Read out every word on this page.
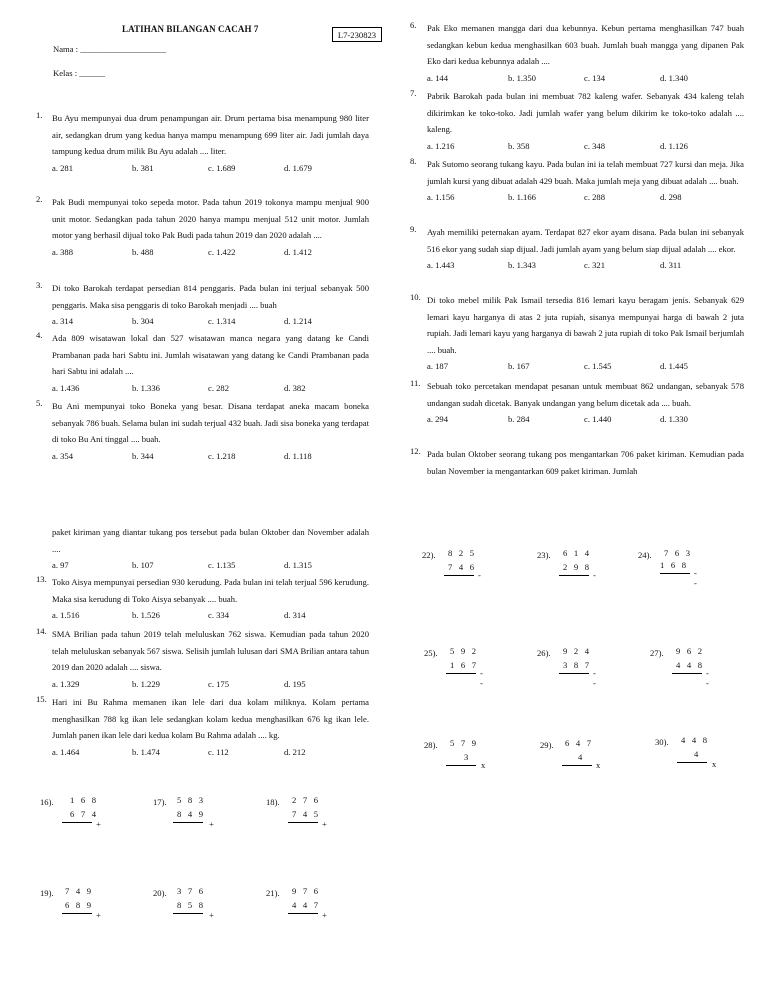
LATIHAN BILANGAN CACAH 7
L7-230823
Nama : ____________________
Kelas : ______
1. Bu Ayu mempunyai dua drum penampungan air. Drum pertama bisa menampung 980 liter air, sedangkan drum yang kedua hanya mampu menampung 699 liter air. Jadi jumlah daya tampung kedua drum milik Bu Ayu adalah .... liter.
a. 281	b. 381	c. 1.689	d. 1.679
2. Pak Budi mempunyai toko sepeda motor. Pada tahun 2019 tokonya mampu menjual 900 unit motor. Sedangkan pada tahun 2020 hanya mampu menjual 512 unit motor. Jumlah motor yang berhasil dijual toko Pak Budi pada tahun 2019 dan 2020 adalah ....
a. 388	b. 488	c. 1.422	d. 1.412
3. Di toko Barokah terdapat persedian 814 penggaris. Pada bulan ini terjual sebanyak 500 penggaris. Maka sisa penggaris di toko Barokah menjadi .... buah
a. 314	b. 304	c. 1.314	d. 1.214
4. Ada 809 wisatawan lokal dan 527 wisatawan manca negara yang datang ke Candi Prambanan pada hari Sabtu ini. Jumlah wisatawan yang datang ke Candi Prambanan pada hari Sabtu ini adalah ....
a. 1.436	b. 1.336	c. 282	d. 382
5. Bu Ani mempunyai toko Boneka yang besar. Disana terdapat aneka macam boneka sebanyak 786 buah. Selama bulan ini sudah terjual 432 buah. Jadi sisa boneka yang terdapat di toko Bu Ani tinggal .... buah.
a. 354	b. 344	c. 1.218	d. 1.118
6. Pak Eko memanen mangga dari dua kebunnya. Kebun pertama menghasilkan 747 buah sedangkan kebun kedua menghasilkan 603 buah. Jumlah buah mangga yang dipanen Pak Eko dari kedua kebunnya adalah ....
a. 144	b. 1.350	c. 134	d. 1.340
7. Pabrik Barokah pada bulan ini membuat 782 kaleng wafer. Sebanyak 434 kaleng telah dikirimkan ke toko-toko. Jadi jumlah wafer yang belum dikirim ke toko-toko adalah .... kaleng.
a. 1.216	b. 358	c. 348	d. 1.126
8. Pak Sutomo seorang tukang kayu. Pada bulan ini ia telah membuat 727 kursi dan meja. Jika jumlah kursi yang dibuat adalah 429 buah. Maka jumlah meja yang dibuat adalah .... buah.
a. 1.156	b. 1.166	c. 288	d. 298
9. Ayah memiliki peternakan ayam. Terdapat 827 ekor ayam disana. Pada bulan ini sebanyak 516 ekor yang sudah siap dijual. Jadi jumlah ayam yang belum siap dijual adalah .... ekor.
a. 1.443	b. 1.343	c. 321	d. 311
10. Di toko mebel milik Pak Ismail tersedia 816 lemari kayu beragam jenis. Sebanyak 629 lemari kayu harganya di atas 2 juta rupiah, sisanya mempunyai harga di bawah 2 juta rupiah. Jadi lemari kayu yang harganya di bawah 2 juta rupiah di toko Pak Ismail berjumlah .... buah.
a. 187	b. 167	c. 1.545	d. 1.445
11. Sebuah toko percetakan mendapat pesanan untuk membuat 862 undangan, sebanyak 578 undangan sudah dicetak. Banyak undangan yang belum dicetak ada .... buah.
a. 294	b. 284	c. 1.440	d. 1.330
12. Pada bulan Oktober seorang tukang pos mengantarkan 706 paket kiriman. Kemudian pada bulan November ia mengantarkan 609 paket kiriman. Jumlah
paket kiriman yang diantar tukang pos tersebut pada bulan Oktober dan November adalah ....
a. 97	b. 107	c. 1.135	d. 1.315
13. Toko Aisya mempunyai persedian 930 kerudung. Pada bulan ini telah terjual 596 kerudung. Maka sisa kerudung di Toko Aisya sebanyak .... buah.
a. 1.516	b. 1.526	c. 334	d. 314
14. SMA Brilian pada tahun 2019 telah meluluskan 762 siswa. Kemudian pada tahun 2020 telah meluluskan sebanyak 567 siswa. Selisih jumlah lulusan dari SMA Brilian antara tahun 2019 dan 2020 adalah .... siswa.
a. 1.329	b. 1.229	c. 175	d. 195
15. Hari ini Bu Rahma memanen ikan lele dari dua kolam miliknya. Kolam pertama menghasilkan 788 kg ikan lele sedangkan kolam kedua menghasilkan 676 kg ikan lele. Jumlah panen ikan lele dari kedua kolam Bu Rahma adalah .... kg.
a. 1.464	b. 1.474	c. 112	d. 212
16). 1 6 8
6 7 4
+
17). 5 8 3
8 4 9
+
18). 2 7 6
7 4 5
+
19). 7 4 9
6 8 9
+
20). 3 7 6
8 5 8
+
21). 9 7 6
4 4 7
+
22). 8 2 5
7 4 6
-
23). 6 1 4
2 9 8
-
24). 7 6 3
1 6 8
--
25). 5 9 2
1 6 7
--
26). 9 2 4
3 8 7
--
27). 9 6 2
4 4 8
--
28). 5 7 9
3
x
29). 6 4 7
4
x
30). 4 4 8
4
x
